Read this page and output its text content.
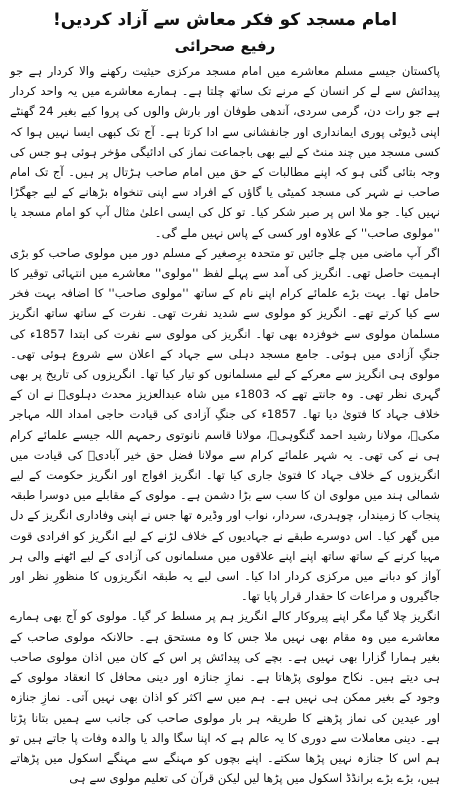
امام مسجد کو فکر معاش سے آزاد کردیں!
رفیع صحرائی

پاکستان جیسے مسلم معاشرے میں امام مسجد مرکزی حیثیت رکھنے والا کردار ہے جو پیدائش سے لے کر انسان کے مرنے تک ساتھ چلتا ہے۔ ہمارے معاشرے میں یہ واحد کردار ہے جو رات دن، گرمی سردی، آندھی طوفان اور بارش والوں کی پروا کیے بغیر 24 گھنٹے اپنی ڈیوٹی پوری ایمانداری اور جانفشانی سے ادا کرتا ہے۔ آج تک کبھی ایسا نہیں ہوا کہ کسی مسجد میں چند منٹ کے لیے بھی باجماعت نماز کی ادائیگی مؤخر ہوئی ہو جس کی وجہ بتائی گئی ہو کہ اپنے مطالبات کے حق میں امام صاحب ہڑتال پر ہیں۔ آج تک امام صاحب نے شہر کی مسجد کمیٹی یا گاؤں کے افراد سے اپنی تنخواہ بڑھانے کے لیے جھگڑا نہیں کیا۔ جو ملا اس پر صبر شکر کیا۔ تو کل کی ایسی اعلیٰ مثال آپ کو امام مسجد یا ''مولوی صاحب'' کے علاوہ اور کسی کے پاس نہیں ملے گی۔

اگر آپ ماضی میں چلے جائیں تو متحدہ برِصغیر کے مسلم دور میں مولوی صاحب کو بڑی اہمیت حاصل تھی۔ انگریز کی آمد سے پہلے لفظ ''مولوی'' معاشرے میں انتہائی توقیر کا حامل تھا۔ بہت بڑے علمائے کرام اپنے نام کے ساتھ ''مولوی صاحب'' کا اضافہ بہت فخر سے کیا کرتے تھے۔ انگریز کو مولوی سے شدید نفرت تھی۔ نفرت کے ساتھ ساتھ انگریز مسلمان مولوی سے خوفزدہ بھی تھا۔ انگریز کی مولوی سے نفرت کی ابتدا 1857ء کی جنگِ آزادی میں ہوئی۔ جامع مسجد دہلی سے جہاد کے اعلان سے شروع ہوئی تھی۔ مولوی ہی انگریز سے معرکے کے لیے مسلمانوں کو تیار کیا تھا۔ انگریزوں کی تاریخ پر بھی گہری نظر تھی۔ وہ جانتے تھے کہ 1803ء میں شاہ عبدالعزیز محدث دہلویؒ نے ان کے خلاف جہاد کا فتویٰ دیا تھا۔ 1857ء کی جنگِ آزادی کی قیادت حاجی امداد اللہ مہاجر مکیؒ، مولانا رشید احمد گنگوہیؒ، مولانا قاسم نانوتوی رحمہم اللہ جیسے علمائے کرام ہی نے کی تھی۔ یہ شہر علمائے کرام سے مولانا فضل حق خیر آبادیؒ کی قیادت میں انگریزوں کے خلاف جہاد کا فتویٰ جاری کیا تھا۔ انگریز افواج اور انگریز حکومت کے لیے شمالی ہند میں مولوی ان کا سب سے بڑا دشمن ہے۔ مولوی کے مقابلے میں دوسرا طبقہ پنجاب کا زمیندار، چوہدری، سردار، نواب اور وڈیرہ تھا جس نے اپنی وفاداری انگریز کے دل میں گھر کیا۔ اس دوسرے طبقے نے جہادیوں کے خلاف لڑنے کے لیے انگریز کو افرادی قوت مہیا کرنے کے ساتھ ساتھ اپنے اپنے علاقوں میں مسلمانوں کی آزادی کے لیے اٹھنے والی ہر آواز کو دبانے میں مرکزی کردار ادا کیا۔ اسی لیے یہ طبقہ انگریزوں کا منظورِ نظر اور جاگیروں و مراعات کا حقدار قرار پایا تھا۔

انگریز چلا گیا مگر اپنے پیروکار کالے انگریز ہم پر مسلط کر گیا۔ مولوی کو آج بھی ہمارے معاشرے میں وہ مقام بھی نہیں ملا جس کا وہ مستحق ہے۔ حالانکہ مولوی صاحب کے بغیر ہمارا گزارا بھی نہیں ہے۔ بچے کی پیدائش پر اس کے کان میں اذان مولوی صاحب ہی دیتے ہیں۔ نکاح مولوی پڑھاتا ہے۔ نمازِ جنازہ اور دینی محافل کا انعقاد مولوی کے وجود کے بغیر ممکن ہی نہیں ہے۔ ہم میں سے اکثر کو اذان بھی نہیں آتی۔ نمازِ جنازہ اور عیدین کی نماز پڑھنے کا طریقہ ہر بار مولوی صاحب کی جانب سے ہمیں بتانا پڑتا ہے۔ دینی معاملات سے دوری کا یہ عالم ہے کہ اپنا سگا والد یا والدہ وفات پا جاتے ہیں تو ہم اس کا جنازہ نہیں پڑھا سکتے۔ اپنے بچوں کو مہنگے سے مہنگے اسکول میں پڑھاتے ہیں، بڑے بڑے برانڈڈ اسکول میں پڑھا لیں لیکن قرآن کی تعلیم مولوی سے ہی
